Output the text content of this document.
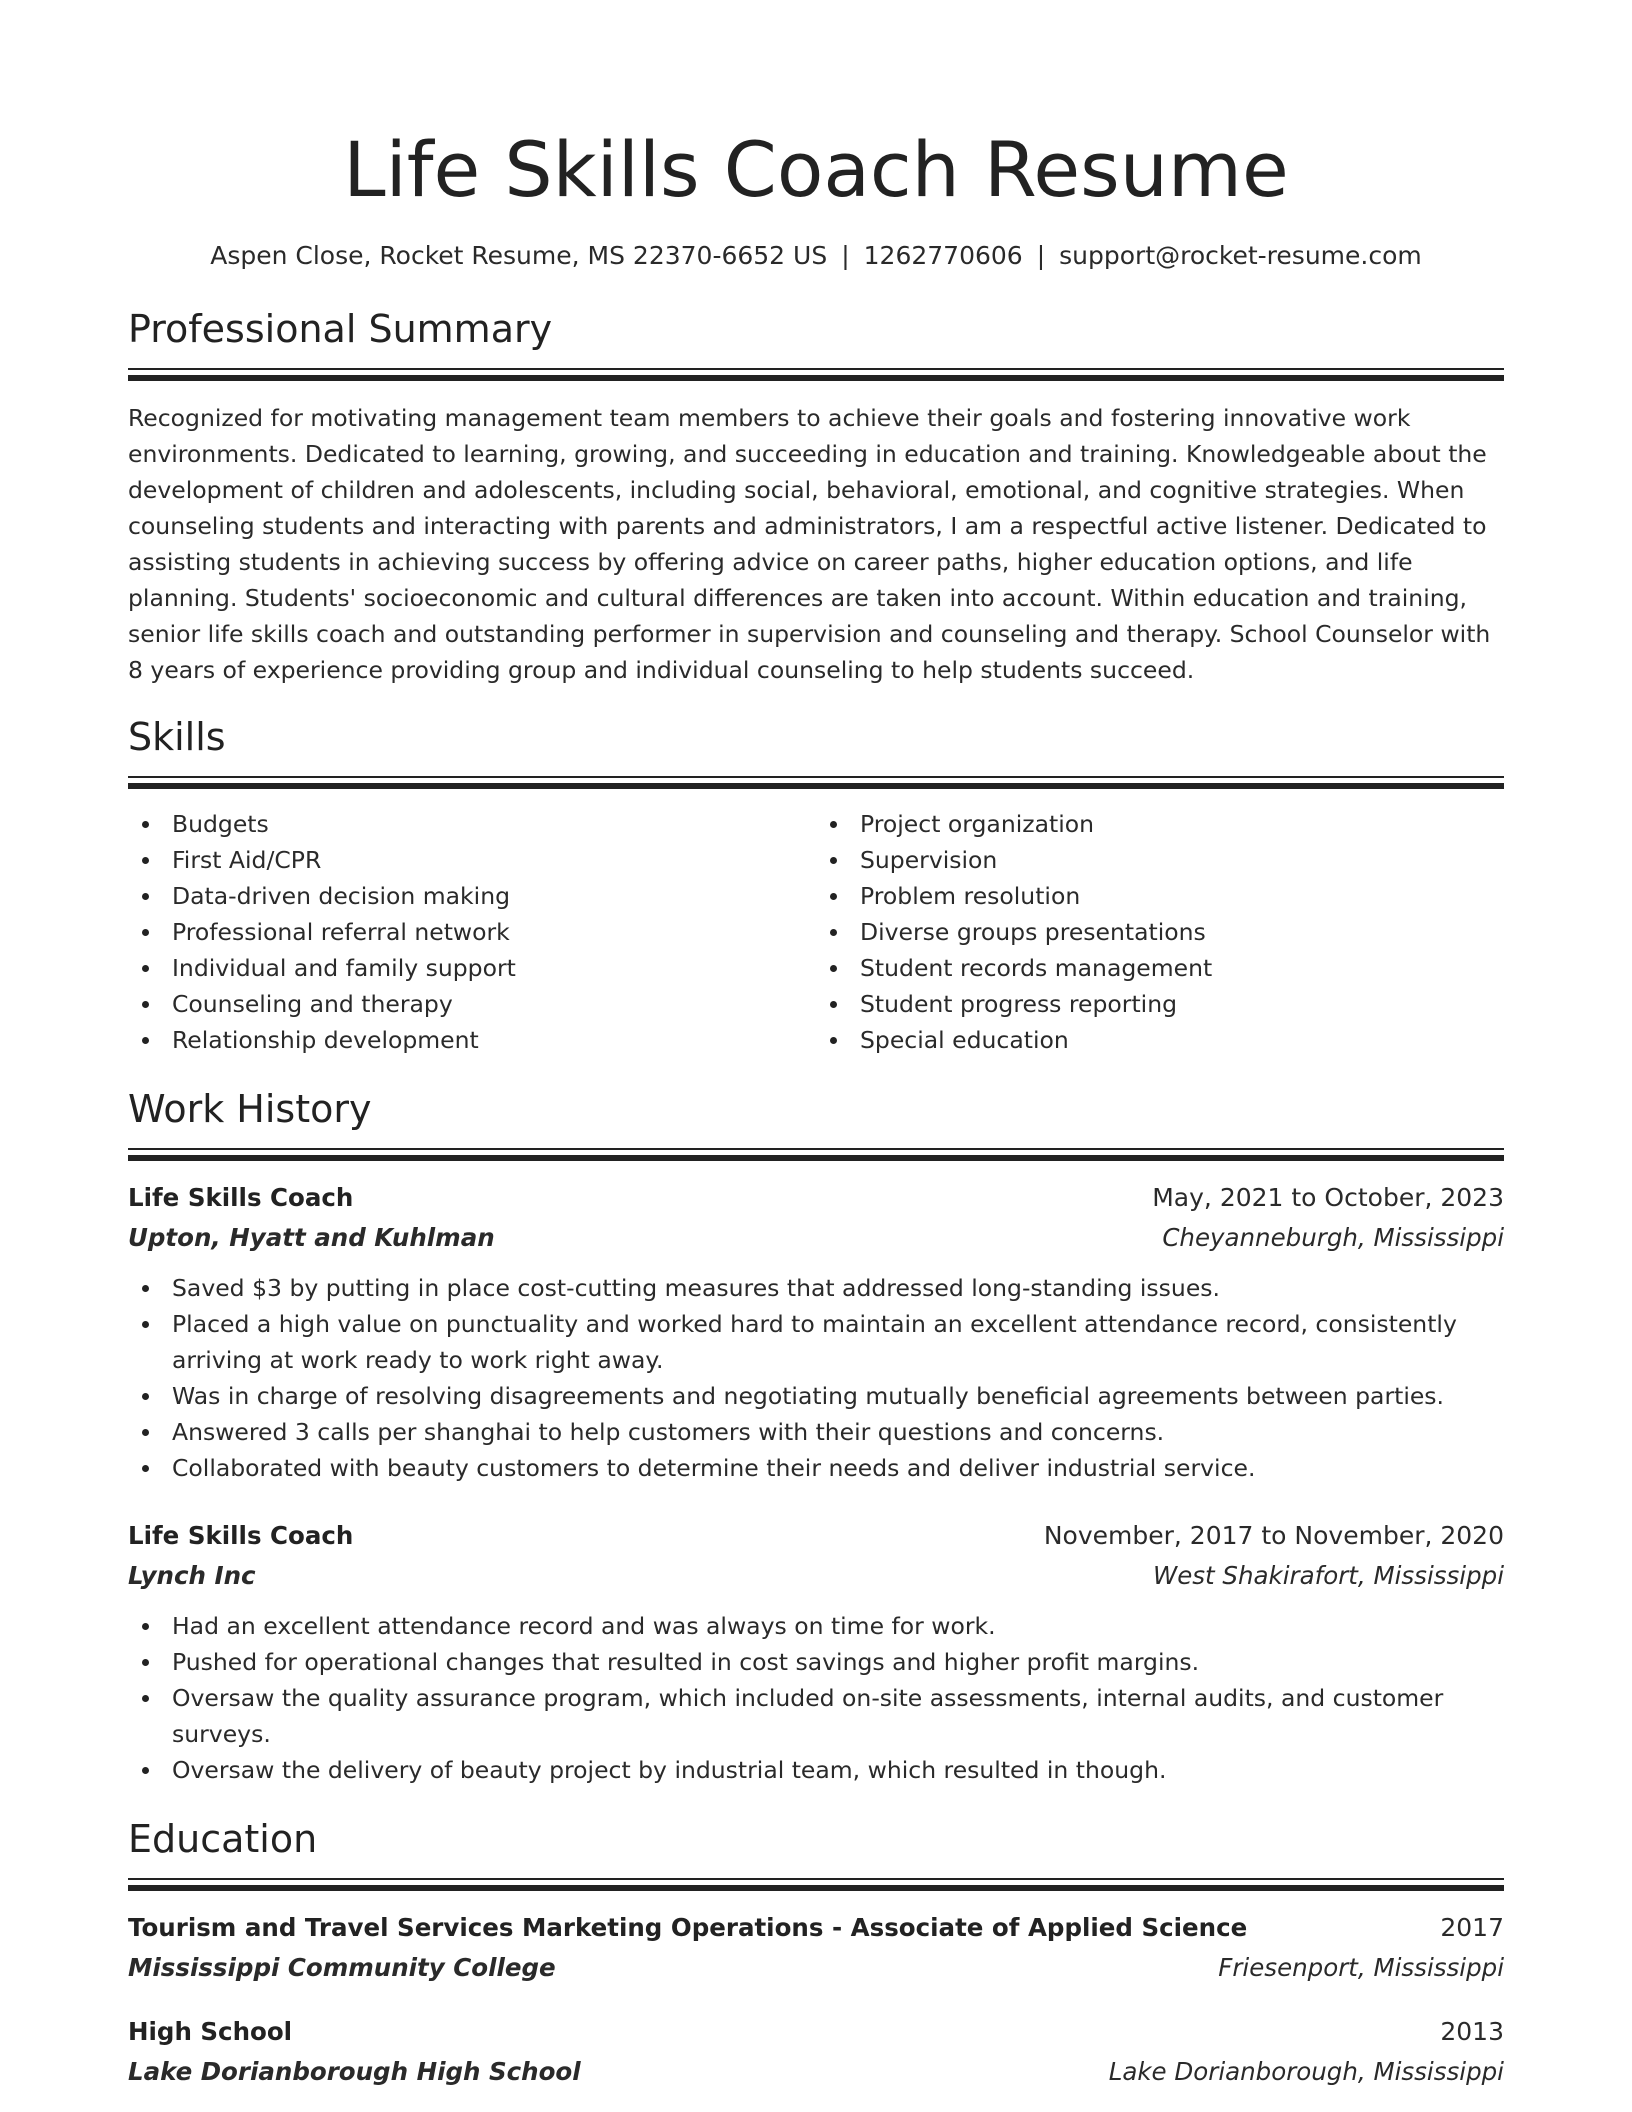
Life Skills Coach Resume
Aspen Close, Rocket Resume, MS 22370-6652 US | 1262770606 | support@rocket-resume.com
Professional Summary

Recognized for motivating management team members to achieve their goals and fostering innovative work environments. Dedicated to learning, growing, and succeeding in education and training. Knowledgeable about the development of children and adolescents, including social, behavioral, emotional, and cognitive strategies. When counseling students and interacting with parents and administrators, I am a respectful active listener. Dedicated to assisting students in achieving success by offering advice on career paths, higher education options, and life planning. Students' socioeconomic and cultural differences are taken into account. Within education and training, senior life skills coach and outstanding performer in supervision and counseling and therapy. School Counselor with 8 years of experience providing group and individual counseling to help students succeed.

Skills
Budgets
First Aid/CPR
Data-driven decision making
Professional referral network
Individual and family support
Counseling and therapy
Relationship development
Project organization
Supervision
Problem resolution
Diverse groups presentations
Student records management
Student progress reporting
Special education
Work History
Life Skills Coach	May, 2021 to October, 2023
Upton, Hyatt and Kuhlman	Cheyanneburgh, Mississippi
Saved $3 by putting in place cost-cutting measures that addressed long-standing issues.
Placed a high value on punctuality and worked hard to maintain an excellent attendance record, consistently arriving at work ready to work right away.
Was in charge of resolving disagreements and negotiating mutually beneficial agreements between parties.
Answered 3 calls per shanghai to help customers with their questions and concerns.
Collaborated with beauty customers to determine their needs and deliver industrial service.
Life Skills Coach	November, 2017 to November, 2020
Lynch Inc	West Shakirafort, Mississippi
Had an excellent attendance record and was always on time for work.
Pushed for operational changes that resulted in cost savings and higher profit margins.
Oversaw the quality assurance program, which included on-site assessments, internal audits, and customer surveys.
Oversaw the delivery of beauty project by industrial team, which resulted in though.
Education
Tourism and Travel Services Marketing Operations - Associate of Applied Science	2017
Mississippi Community College	Friesenport, Mississippi
High School	2013
Lake Dorianborough High School	Lake Dorianborough, Mississippi
